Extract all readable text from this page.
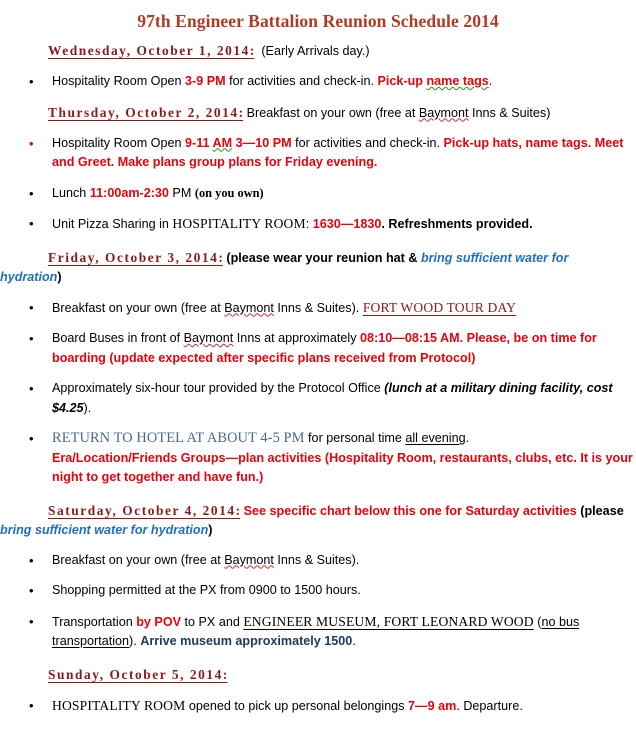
97th Engineer Battalion Reunion Schedule 2014
Wednesday, October 1, 2014: (Early Arrivals day.)
• Hospitality Room Open 3-9 PM for activities and check-in. Pick-up name tags.
Thursday, October 2, 2014: Breakfast on your own (free at Baymont Inns & Suites)
• Hospitality Room Open 9-11 AM 3—10 PM for activities and check-in. Pick-up hats, name tags. Meet and Greet. Make plans group plans for Friday evening.
• Lunch 11:00am-2:30 PM (on you own)
• Unit Pizza Sharing in HOSPITALITY ROOM: 1630—1830. Refreshments provided.
Friday, October 3, 2014: (please wear your reunion hat & bring sufficient water for hydration)
• Breakfast on your own (free at Baymont Inns & Suites). FORT WOOD TOUR DAY
• Board Buses in front of Baymont Inns at approximately 08:10—08:15 AM. Please, be on time for boarding (update expected after specific plans received from Protocol)
• Approximately six-hour tour provided by the Protocol Office (lunch at a military dining facility, cost $4.25).
• RETURN TO HOTEL AT ABOUT 4-5 PM for personal time all evening.
Era/Location/Friends Groups—plan activities (Hospitality Room, restaurants, clubs, etc. It is your night to get together and have fun.)
Saturday, October 4, 2014: See specific chart below this one for Saturday activities (please bring sufficient water for hydration)
• Breakfast on your own (free at Baymont Inns & Suites).
• Shopping permitted at the PX from 0900 to 1500 hours.
• Transportation by POV to PX and ENGINEER MUSEUM, FORT LEONARD WOOD (no bus transportation). Arrive museum approximately 1500.
Sunday, October 5, 2014:
• HOSPITALITY ROOM opened to pick up personal belongings 7—9 am. Departure.
